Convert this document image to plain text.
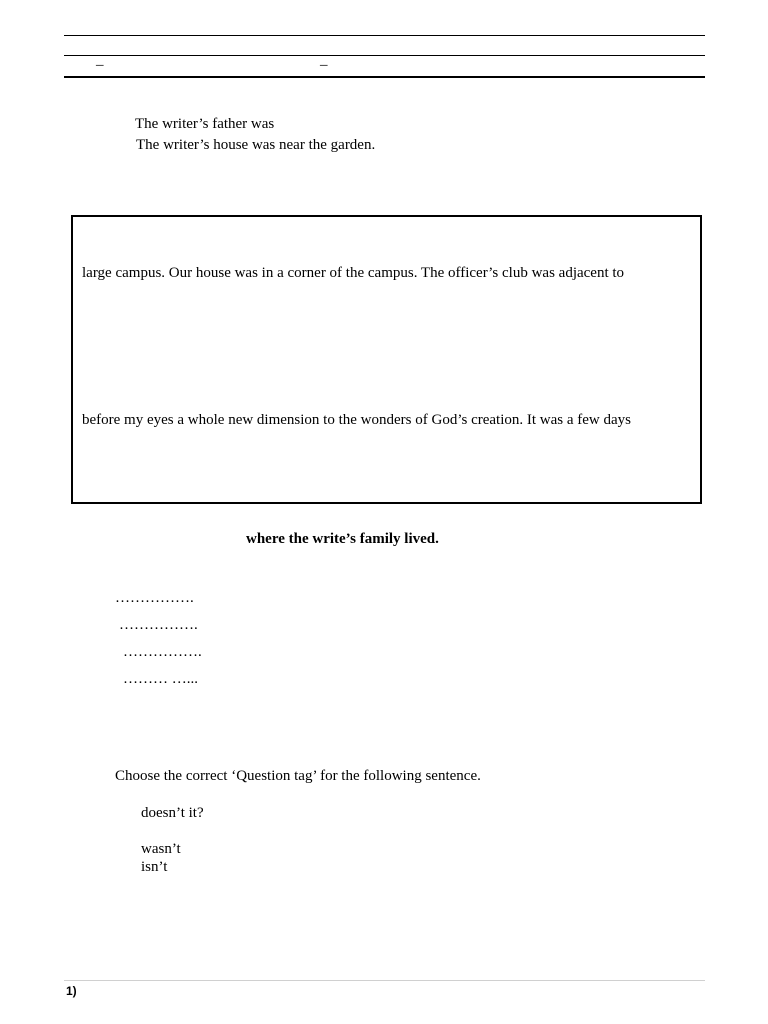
–	–
The writer’s father was
The writer’s house was near the garden.
large campus. Our house was in a corner of the campus. The officer’s club was adjacent to
before my eyes a whole new dimension to the wonders of God’s creation. It was a few days
where the write’s family lived.
…………….
…………….
…………….
……… …...
Choose the correct ‘Question tag’ for the following sentence.
doesn’t it?
wasn’t
isn’t
1)
